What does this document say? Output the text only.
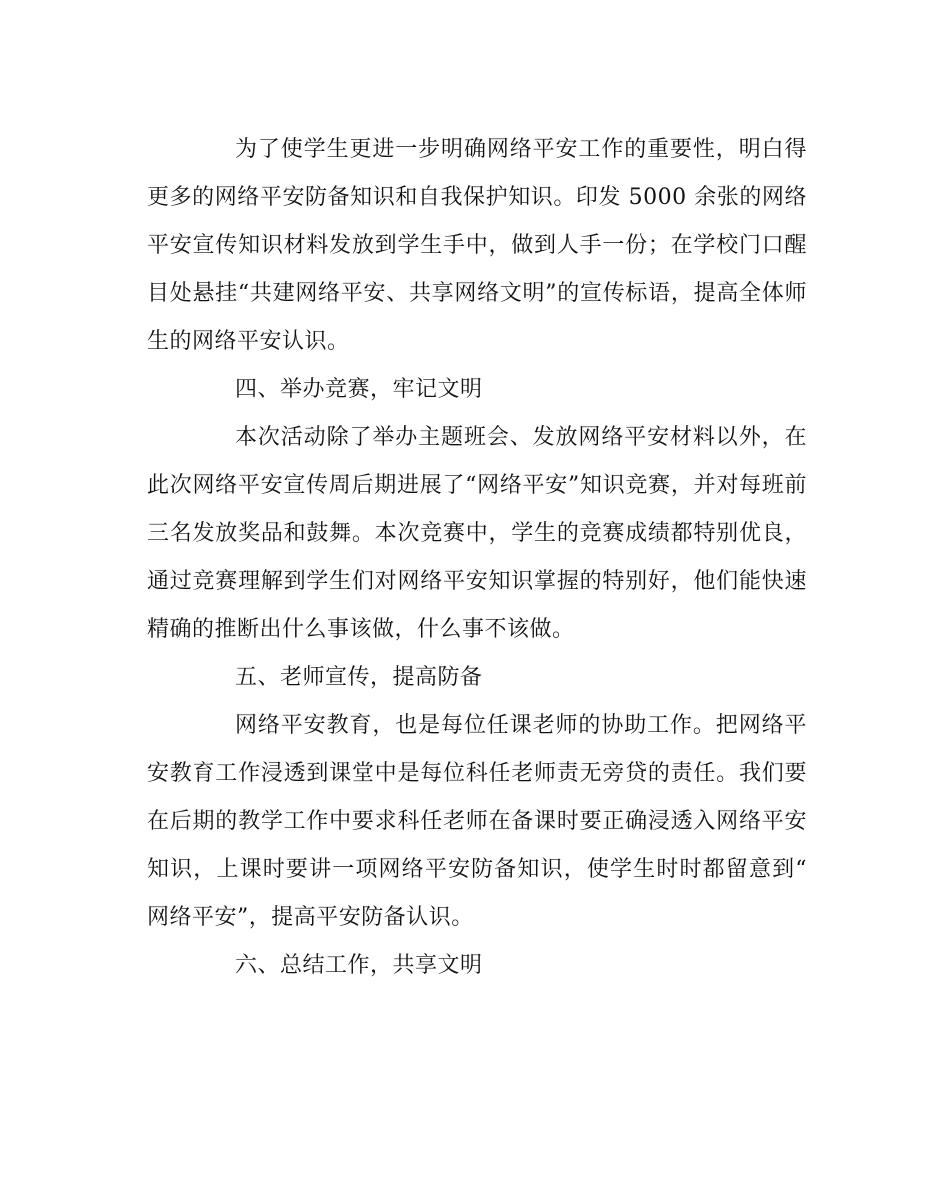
为了使学生更进一步明确网络平安工作的重要性，明白得更多的网络平安防备知识和自我保护知识。印发 5000 余张的网络平安宣传知识材料发放到学生手中，做到人手一份；在学校门口醒目处悬挂“共建网络平安、共享网络文明”的宣传标语，提高全体师生的网络平安认识。

四、举办竞赛，牢记文明

本次活动除了举办主题班会、发放网络平安材料以外，在此次网络平安宣传周后期进展了“网络平安”知识竞赛，并对每班前三名发放奖品和鼓舞。本次竞赛中，学生的竞赛成绩都特别优良，通过竞赛理解到学生们对网络平安知识掌握的特别好，他们能快速精确的推断出什么事该做，什么事不该做。

五、老师宣传，提高防备

网络平安教育，也是每位任课老师的协助工作。把网络平安教育工作浸透到课堂中是每位科任老师责无旁贷的责任。我们要在后期的教学工作中要求科任老师在备课时要正确浸透入网络平安知识，上课时要讲一项网络平安防备知识，使学生时时都留意到“网络平安”，提高平安防备认识。

六、总结工作，共享文明
